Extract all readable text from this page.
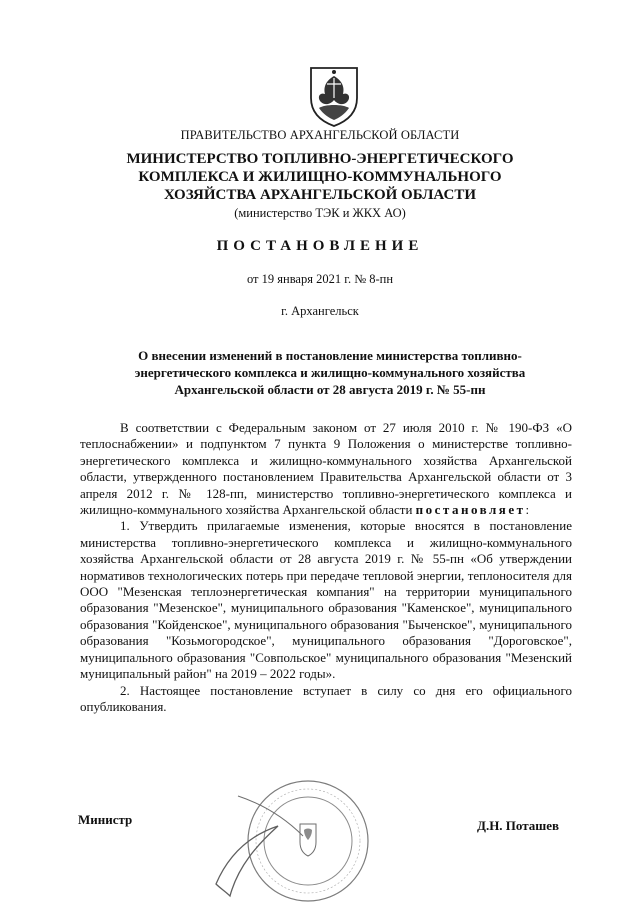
ПРАВИТЕЛЬСТВО АРХАНГЕЛЬСКОЙ ОБЛАСТИ
МИНИСТЕРСТВО ТОПЛИВНО-ЭНЕРГЕТИЧЕСКОГО
КОМПЛЕКСА И ЖИЛИЩНО-КОММУНАЛЬНОГО
ХОЗЯЙСТВА АРХАНГЕЛЬСКОЙ ОБЛАСТИ
(министерство ТЭК и ЖКХ АО)
ПОСТАНОВЛЕНИЕ
от 19 января 2021 г. № 8-пн
г. Архангельск
О внесении изменений в постановление министерства топливно-
энергетического комплекса и жилищно-коммунального хозяйства
Архангельской области от 28 августа 2019 г. № 55-пн

В соответствии с Федеральным законом от 27 июля 2010 г. № 190-ФЗ «О теплоснабжении» и подпунктом 7 пункта 9 Положения о министерстве топливно-энергетического комплекса и жилищно-коммунального хозяйства Архангельской области, утвержденного постановлением Правительства Архангельской области от 3 апреля 2012 г. № 128-пп, министерство топливно-энергетического комплекса и жилищно-коммунального хозяйства Архангельской области постановляет:

1. Утвердить прилагаемые изменения, которые вносятся в постановление министерства топливно-энергетического комплекса и жилищно-коммунального хозяйства Архангельской области от 28 августа 2019 г. № 55-пн «Об утверждении нормативов технологических потерь при передаче тепловой энергии, теплоносителя для ООО "Мезенская теплоэнергетическая компания" на территории муниципального образования "Мезенское", муниципального образования "Каменское", муниципального образования "Койденское", муниципального образования "Быченское", муниципального образования "Козьмогородское", муниципального образования "Дороговское", муниципального образования "Совпольское" муниципального образования "Мезенский муниципальный район" на 2019 – 2022 годы».

2. Настоящее постановление вступает в силу со дня его официального опубликования.

Министр	Д.Н. Поташев
